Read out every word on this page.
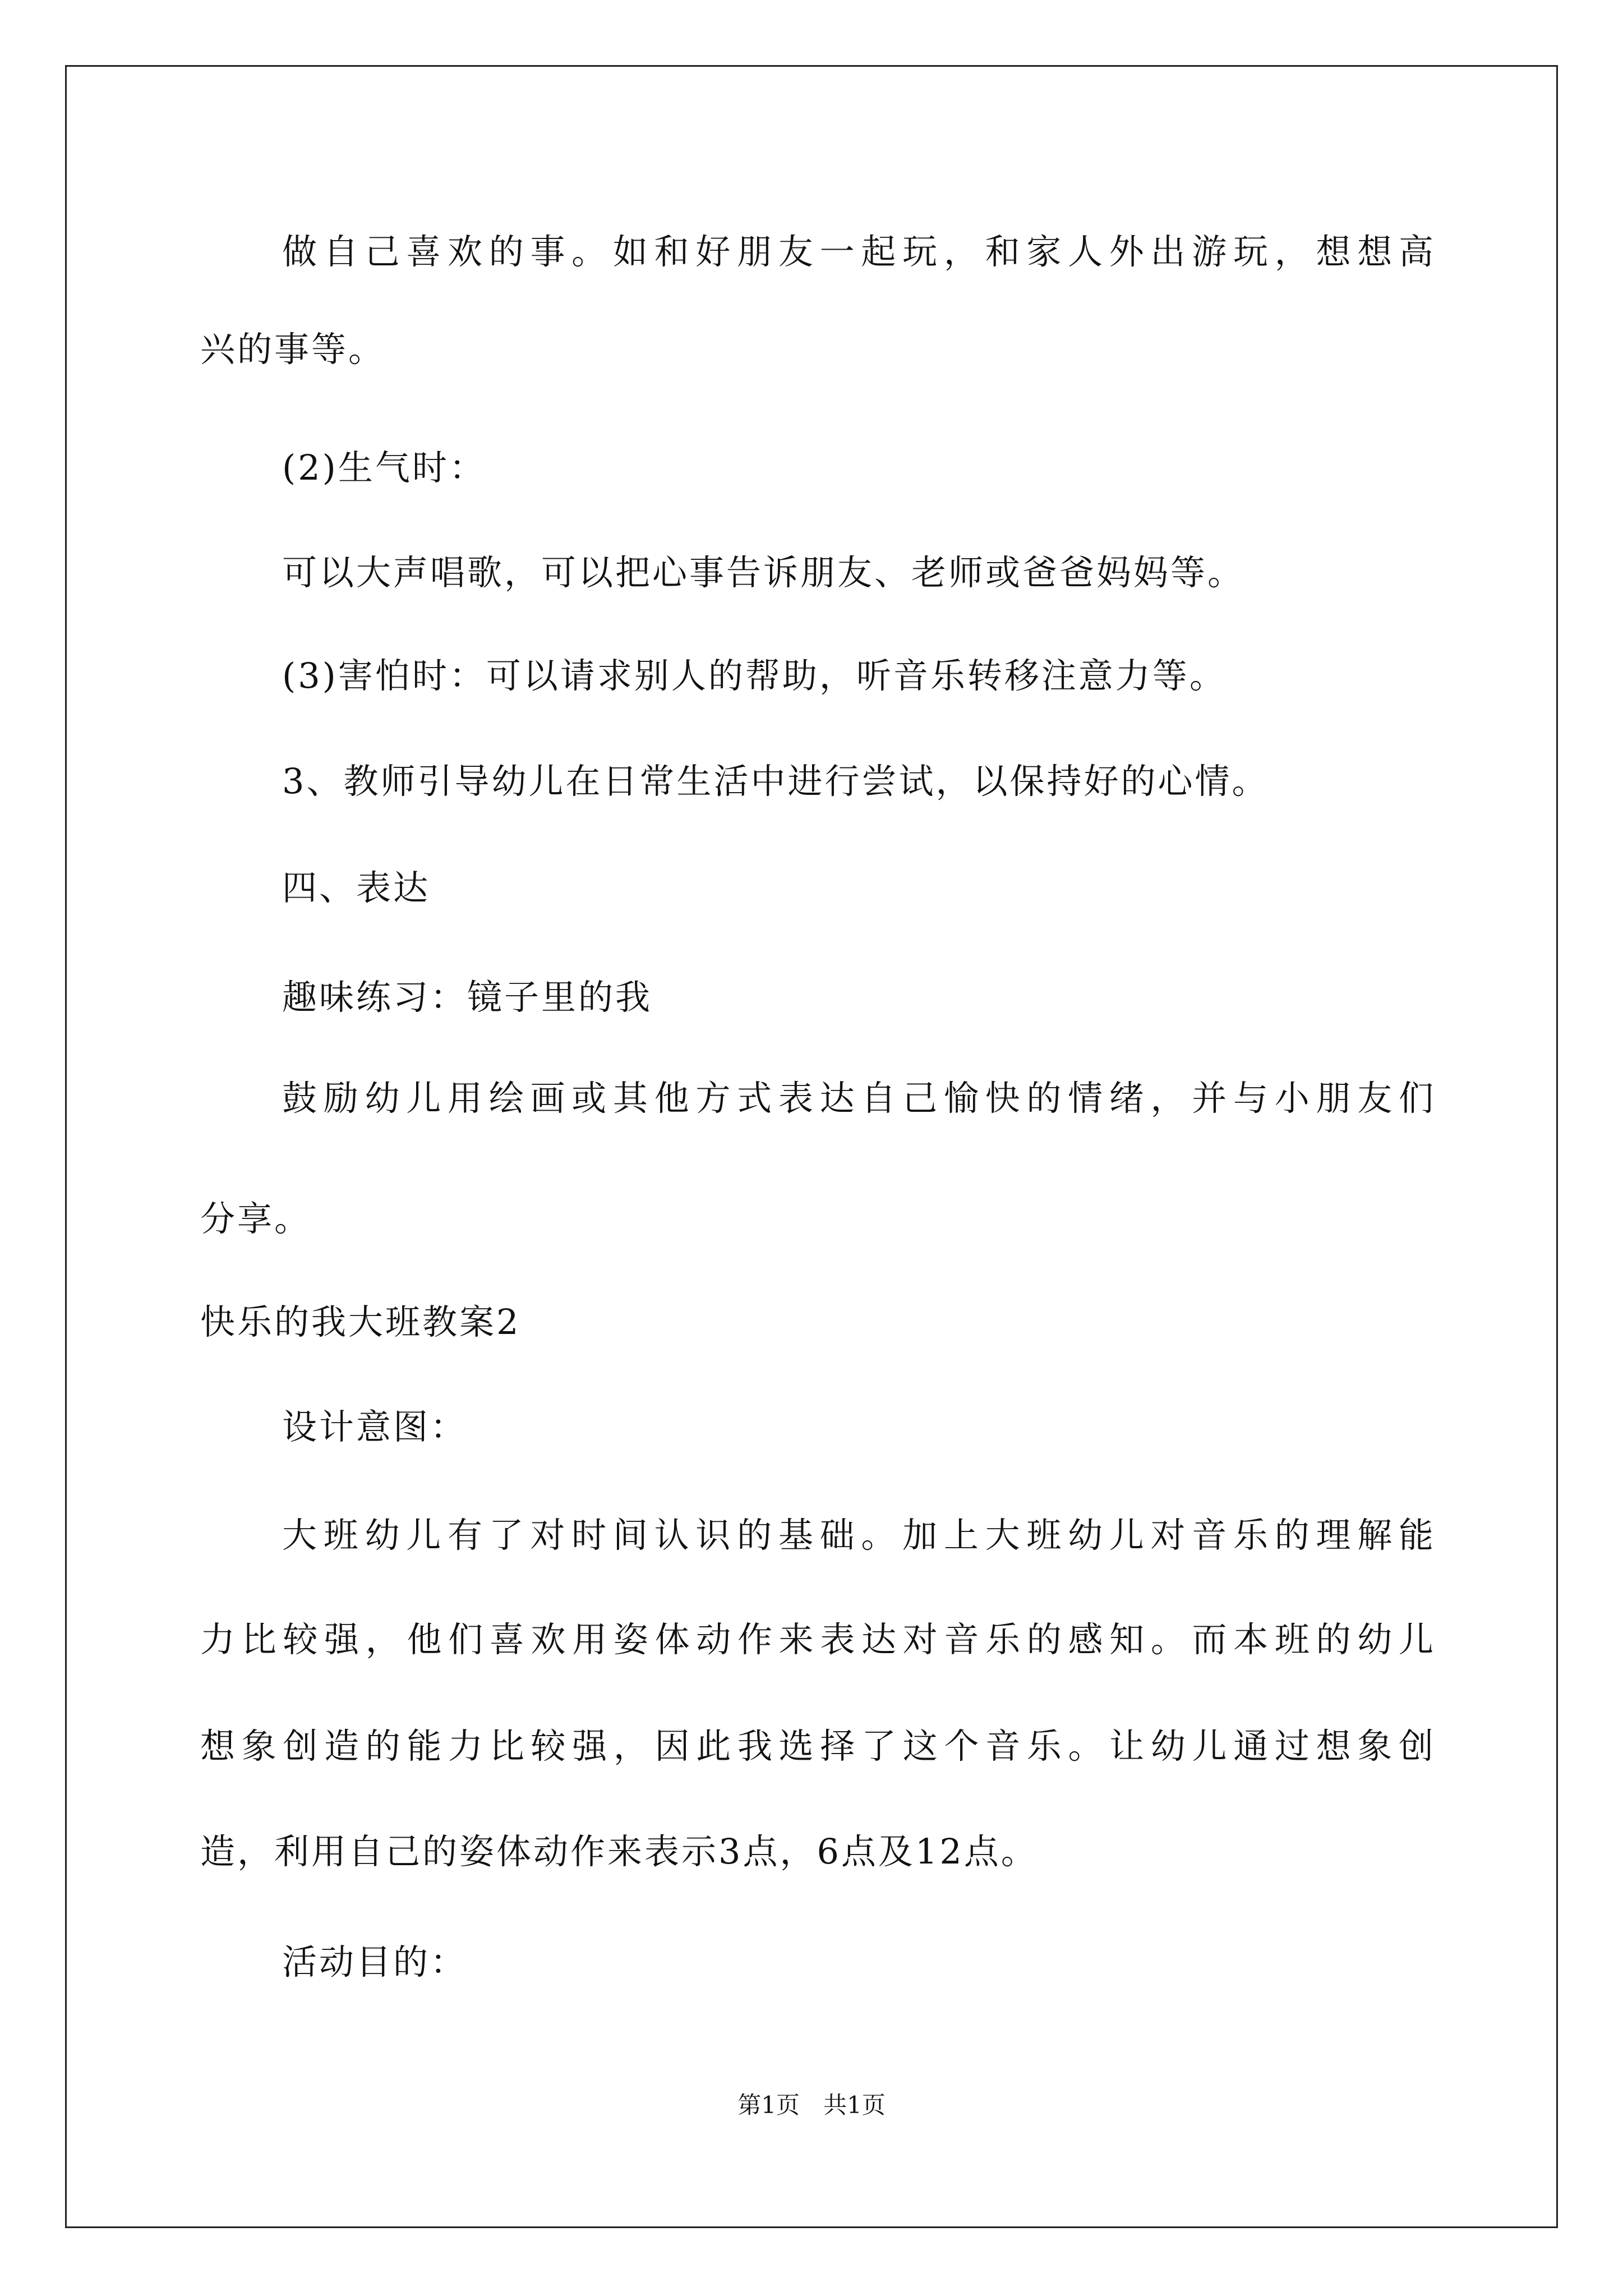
做自己喜欢的事。如和好朋友一起玩，和家人外出游玩，想想高
兴的事等。
(2)生气时：
可以大声唱歌，可以把心事告诉朋友、老师或爸爸妈妈等。
(3)害怕时：可以请求别人的帮助，听音乐转移注意力等。
3、教师引导幼儿在日常生活中进行尝试，以保持好的心情。
四、表达
趣味练习：镜子里的我
鼓励幼儿用绘画或其他方式表达自己愉快的情绪，并与小朋友们
分享。
快乐的我大班教案2
设计意图：
大班幼儿有了对时间认识的基础。加上大班幼儿对音乐的理解能
力比较强，他们喜欢用姿体动作来表达对音乐的感知。而本班的幼儿
想象创造的能力比较强，因此我选择了这个音乐。让幼儿通过想象创
造，利用自己的姿体动作来表示3点，6点及12点。
活动目的：
第1页　共1页
